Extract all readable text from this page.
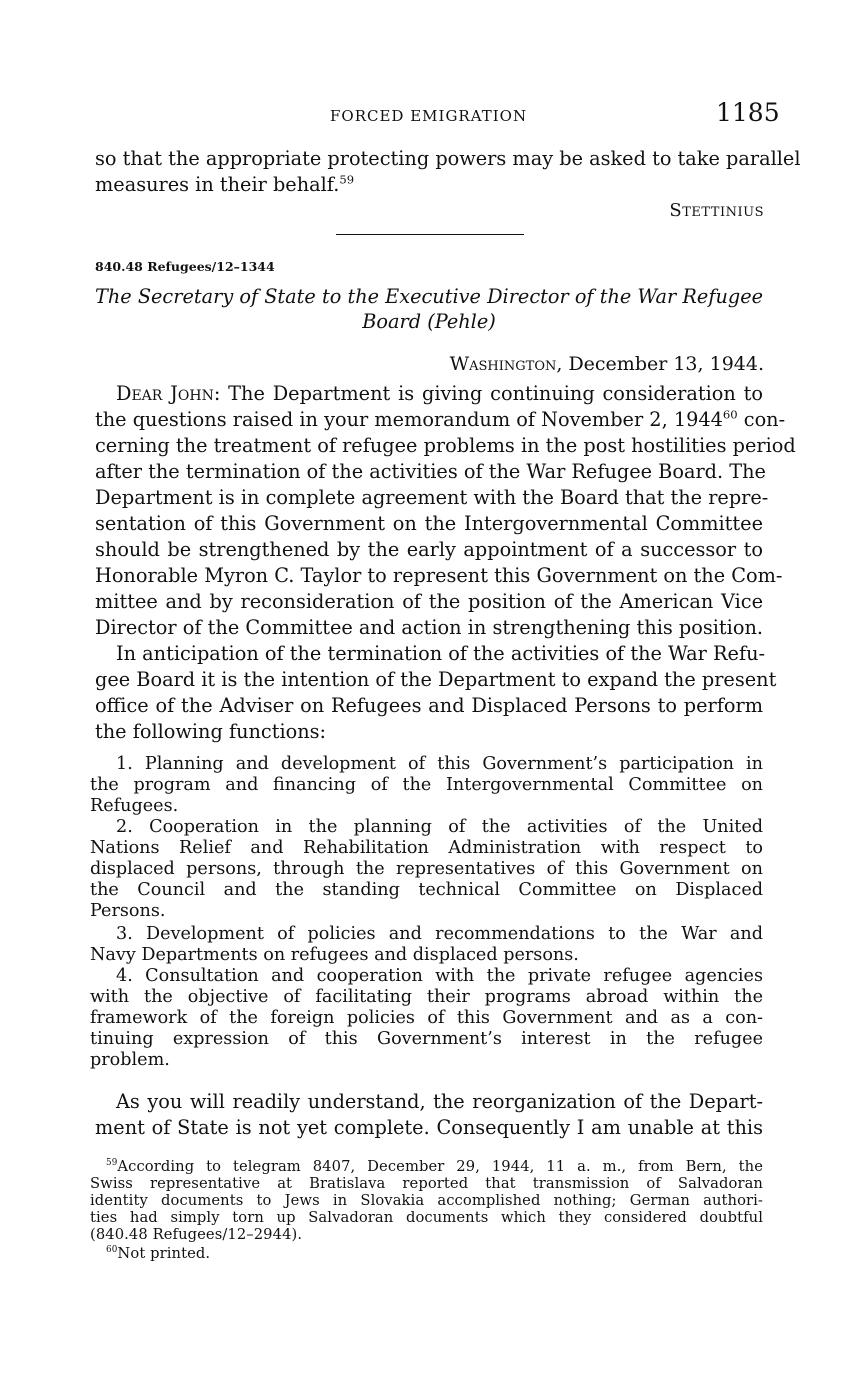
FORCED EMIGRATION	1185
so that the appropriate protecting powers may be asked to take parallel
measures in their behalf.$^{59}$
Stettinius
840.48 Refugees/12–1344
The Secretary of State to the Executive Director of the War Refugee
Board (Pehle)
Washington, December 13, 1944.
Dear John: The Department is giving continuing consideration to
the questions raised in your memorandum of November 2, 1944$^{60}$ con-
cerning the treatment of refugee problems in the post hostilities period
after the termination of the activities of the War Refugee Board. The
Department is in complete agreement with the Board that the repre-
sentation of this Government on the Intergovernmental Committee
should be strengthened by the early appointment of a successor to
Honorable Myron C. Taylor to represent this Government on the Com-
mittee and by reconsideration of the position of the American Vice
Director of the Committee and action in strengthening this position.
In anticipation of the termination of the activities of the War Refu-
gee Board it is the intention of the Department to expand the present
office of the Adviser on Refugees and Displaced Persons to perform
the following functions:
1. Planning and development of this Government’s participation in
the program and financing of the Intergovernmental Committee on
Refugees.
2. Cooperation in the planning of the activities of the United
Nations Relief and Rehabilitation Administration with respect to
displaced persons, through the representatives of this Government on
the Council and the standing technical Committee on Displaced
Persons.
3. Development of policies and recommendations to the War and
Navy Departments on refugees and displaced persons.
4. Consultation and cooperation with the private refugee agencies
with the objective of facilitating their programs abroad within the
framework of the foreign policies of this Government and as a con-
tinuing expression of this Government’s interest in the refugee
problem.
As you will readily understand, the reorganization of the Depart-
ment of State is not yet complete. Consequently I am unable at this
$^{59}$According to telegram 8407, December 29, 1944, 11 a. m., from Bern, the
Swiss representative at Bratislava reported that transmission of Salvadoran
identity documents to Jews in Slovakia accomplished nothing; German authori-
ties had simply torn up Salvadoran documents which they considered doubtful
(840.48 Refugees/12–2944).
$^{60}$Not printed.
